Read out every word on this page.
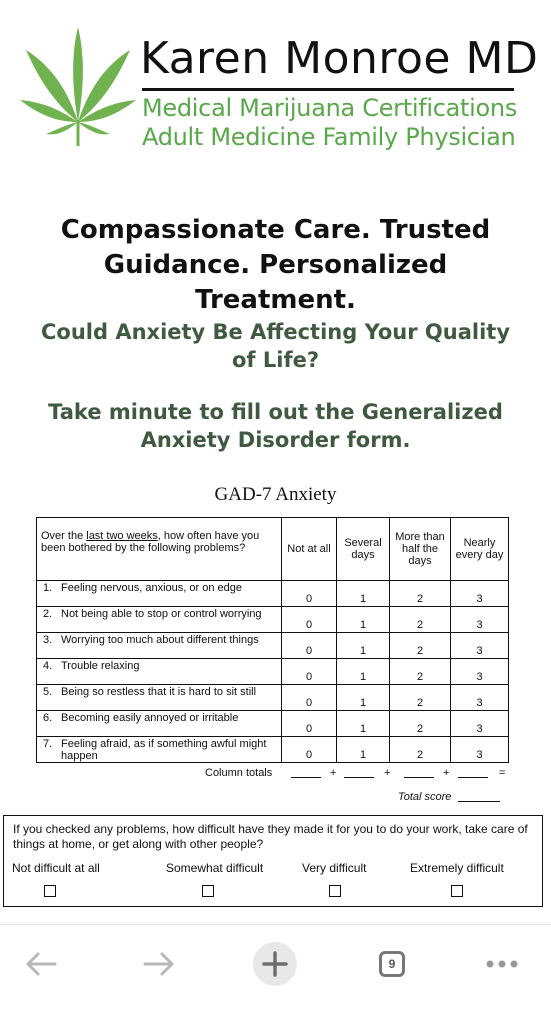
Karen Monroe MD
Medical Marijuana Certifications
Adult Medicine Family Physician
Compassionate Care. Trusted Guidance. Personalized Treatment.
Could Anxiety Be Affecting Your Quality of Life?
Take minute to fill out the Generalized Anxiety Disorder form.
GAD-7 Anxiety
Over the last two weeks, how often have you been bothered by the following problems?	Not at all	Several days	More than half the days	Nearly every day
1. Feeling nervous, anxious, or on edge	0	1	2	3
2. Not being able to stop or control worrying	0	1	2	3
3. Worrying too much about different things	0	1	2	3
4. Trouble relaxing	0	1	2	3
5. Being so restless that it is hard to sit still	0	1	2	3
6. Becoming easily annoyed or irritable	0	1	2	3
7. Feeling afraid, as if something awful might happen	0	1	2	3
Column totals	+	+	+	=
Total score
If you checked any problems, how difficult have they made it for you to do your work, take care of things at home, or get along with other people?
Not difficult at all	Somewhat difficult	Very difficult	Extremely difficult
9
